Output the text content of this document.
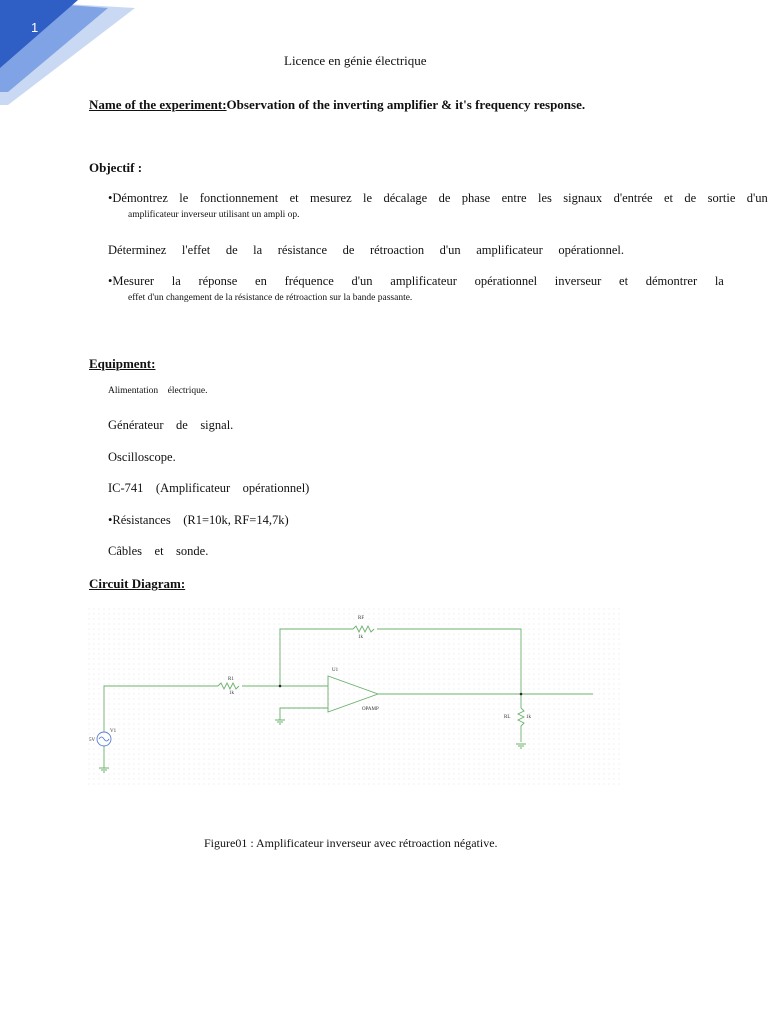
1
Licence en génie électrique
Name of the experiment:Observation of the inverting amplifier & it's frequency response.
Objectif :
•Démontrez le fonctionnement et mesurez le décalage de phase entre les signaux d'entrée et de sortie d'un
amplificateur inverseur utilisant un ampli op.
Déterminez l'effet de la résistance de rétroaction d'un amplificateur opérationnel.
•Mesurer la réponse en fréquence d'un amplificateur opérationnel inverseur et démontrer la
effet d'un changement de la résistance de rétroaction sur la bande passante.
Equipment:
Alimentation    électrique.
Générateur    de    signal.
Oscilloscope.
IC-741    (Amplificateur    opérationnel)
•Résistances    (R1=10k, RF=14,7k)
Câbles    et    sonde.
Circuit Diagram:
RF
1k
R1
1k
U1
OPAMP
RL	1k
V1
5V
Figure01 : Amplificateur inverseur avec rétroaction négative.
